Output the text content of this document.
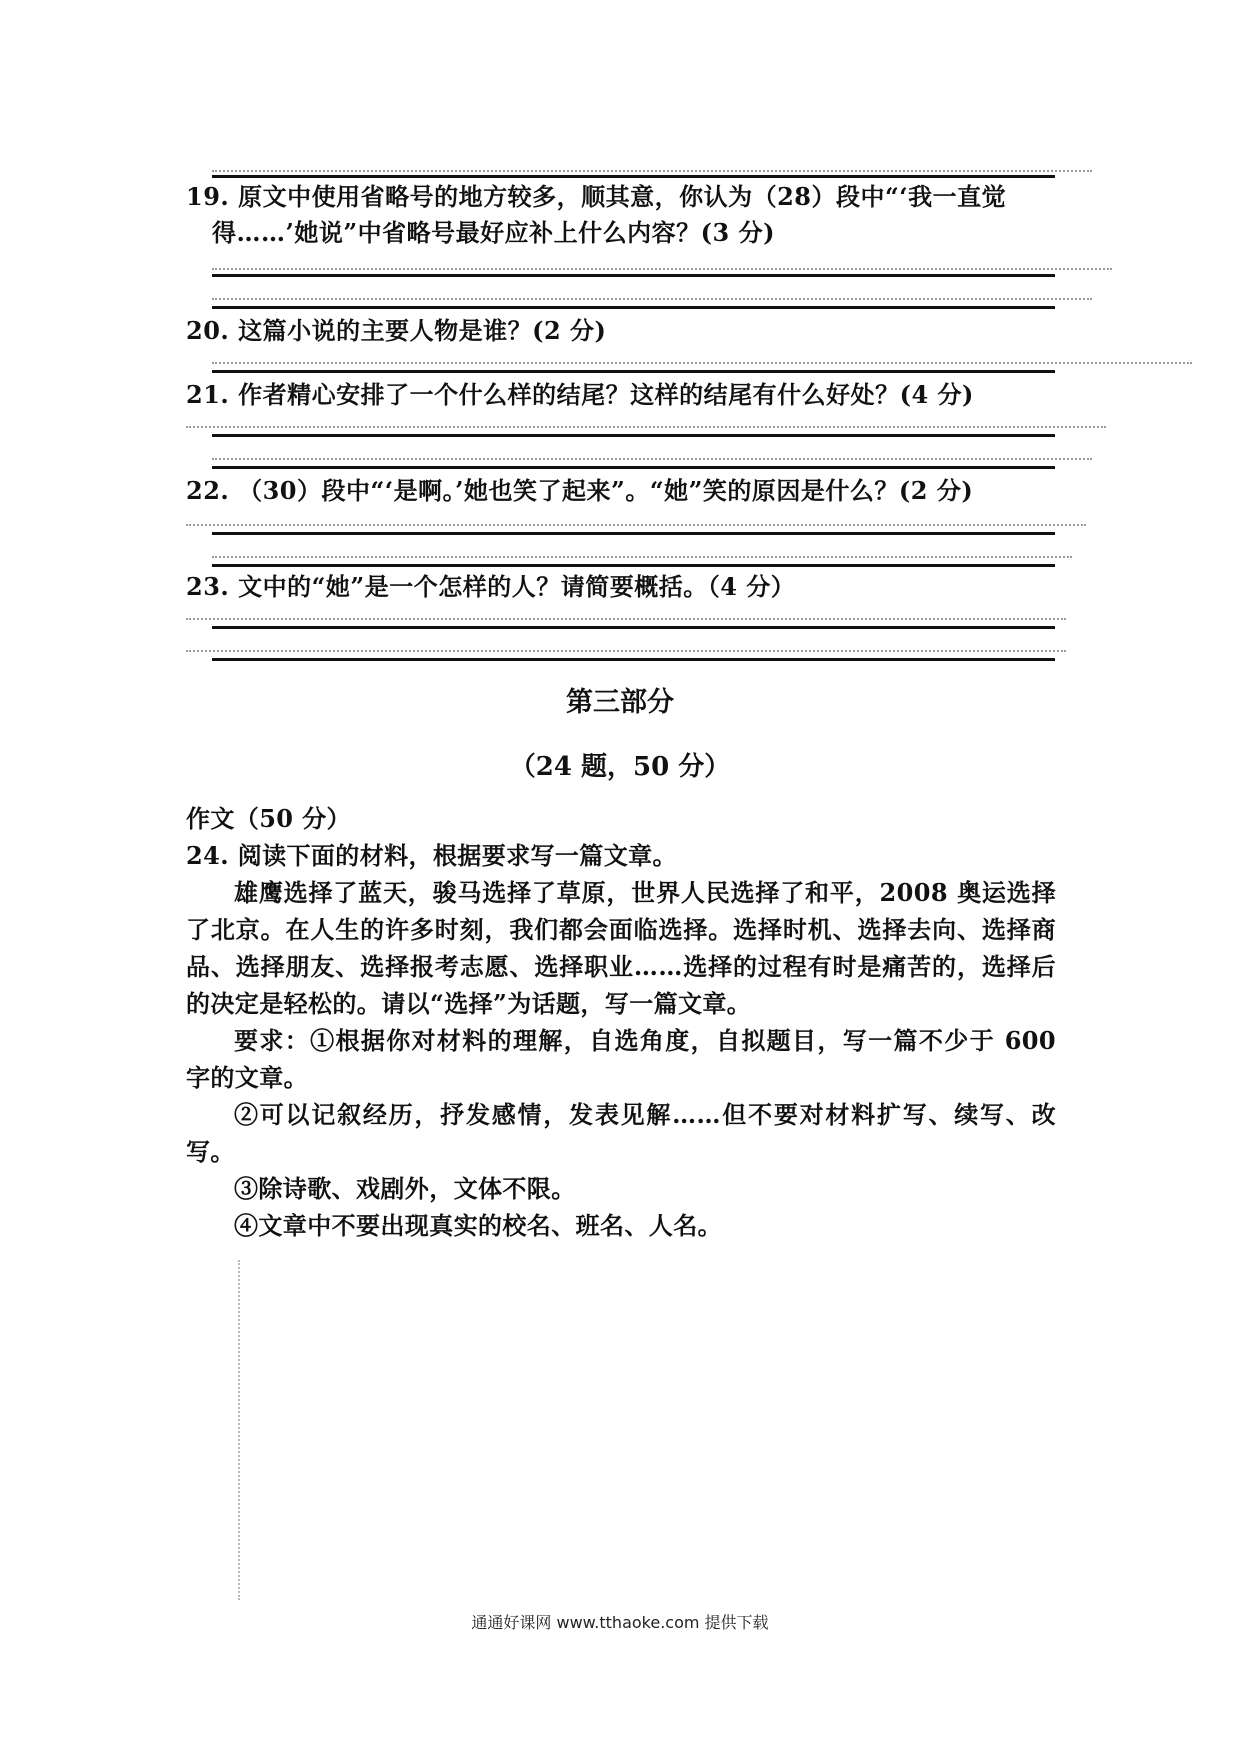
19. 原文中使用省略号的地方较多，顺其意，你认为（28）段中“‘我一直觉
得……’她说”中省略号最好应补上什么内容？(3 分)
20. 这篇小说的主要人物是谁？(2 分)
21. 作者精心安排了一个什么样的结尾？这样的结尾有什么好处？(4 分)
22. （30）段中“‘是啊。’她也笑了起来”。“她”笑的原因是什么？(2 分)
23. 文中的“她”是一个怎样的人？请简要概括。（4 分）
第三部分
（24 题，50 分）

作文（50 分）

24. 阅读下面的材料，根据要求写一篇文章。

雄鹰选择了蓝天，骏马选择了草原，世界人民选择了和平，2008 奥运选择了北京。在人生的许多时刻，我们都会面临选择。选择时机、选择去向、选择商品、选择朋友、选择报考志愿、选择职业……选择的过程有时是痛苦的，选择后的决定是轻松的。请以“选择”为话题，写一篇文章。

要求：①根据你对材料的理解，自选角度，自拟题目，写一篇不少于 600 字的文章。

②可以记叙经历，抒发感情，发表见解……但不要对材料扩写、续写、改写。

③除诗歌、戏剧外，文体不限。

④文章中不要出现真实的校名、班名、人名。

通通好课网 www.tthaoke.com 提供下载
